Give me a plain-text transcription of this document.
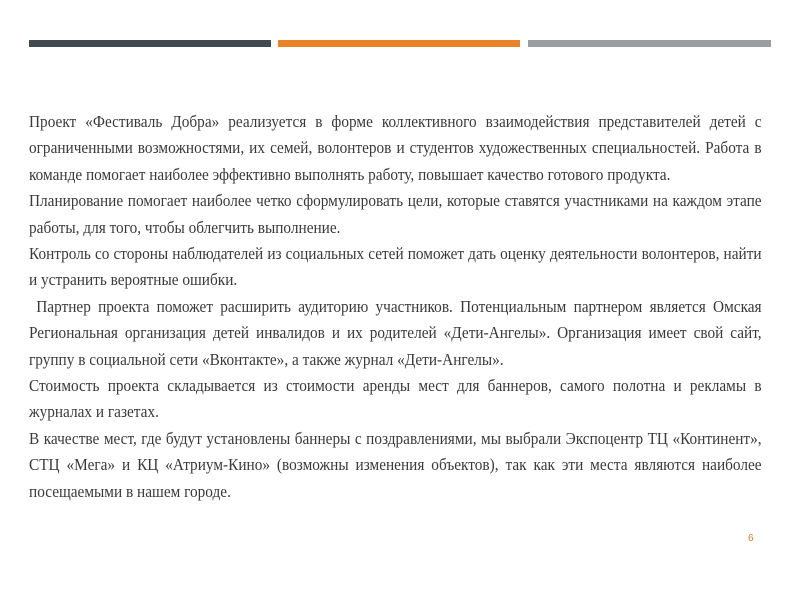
Проект «Фестиваль Добра» реализуется в форме коллективного взаимодействия представителей детей с ограниченными возможностями, их семей, волонтеров и студентов художественных специальностей. Работа в команде помогает наиболее эффективно выполнять работу, повышает качество готового продукта.

Планирование помогает наиболее четко сформулировать цели, которые ставятся участниками на каждом этапе работы, для того, чтобы облегчить выполнение.

Контроль со стороны наблюдателей из социальных сетей поможет дать оценку деятельности волонтеров, найти и устранить вероятные ошибки.

Партнер проекта поможет расширить аудиторию участников. Потенциальным партнером является Омская Региональная организация детей инвалидов и их родителей «Дети-Ангелы». Организация имеет свой сайт, группу в социальной сети «Вконтакте», а также журнал «Дети-Ангелы».

Стоимость проекта складывается из стоимости аренды мест для баннеров, самого полотна и рекламы в журналах и газетах.

В качестве мест, где будут установлены баннеры с поздравлениями, мы выбрали Экспоцентр ТЦ «Континент», СТЦ «Мега» и КЦ «Атриум-Кино» (возможны изменения объектов), так как эти места являются наиболее посещаемыми в нашем городе.

6
